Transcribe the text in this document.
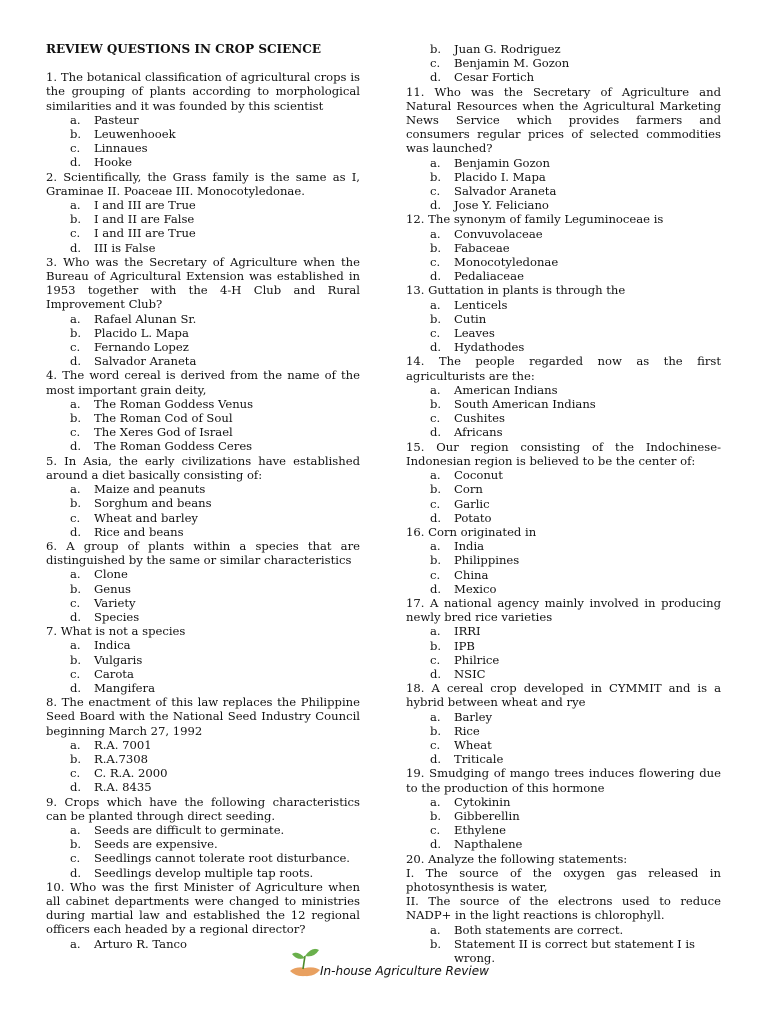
REVIEW QUESTIONS IN CROP SCIENCE
1. The botanical classification of agricultural crops is the grouping of plants according to morphological similarities and it was founded by this scientist
a.	Pasteur
b.	Leuwenhooek
c.	Linnaues
d.	Hooke
2. Scientifically, the Grass family is the same as I, Graminae II. Poaceae III. Monocotyledonae.
a.	I and III are True
b.	I and II are False
c.	I and III are True
d.	III is False
3. Who was the Secretary of Agriculture when the Bureau of Agricultural Extension was established in 1953 together with the 4-H Club and Rural Improvement Club?
a.	Rafael Alunan Sr.
b.	Placido L. Mapa
c.	Fernando Lopez
d.	Salvador Araneta
4. The word cereal is derived from the name of the most important grain deity,
a.	The Roman Goddess Venus
b.	The Roman Cod of Soul
c.	The Xeres God of Israel
d.	The Roman Goddess Ceres
5. In Asia, the early civilizations have established around a diet basically consisting of:
a.	Maize and peanuts
b.	Sorghum and beans
c.	Wheat and barley
d.	Rice and beans
6. A group of plants within a species that are distinguished by the same or similar characteristics
a.	Clone
b.	Genus
c.	Variety
d.	Species
7. What is not a species
a.	Indica
b.	Vulgaris
c.	Carota
d.	Mangifera
8. The enactment of this law replaces the Philippine Seed Board with the National Seed Industry Council beginning March 27, 1992
a.	R.A. 7001
b.	R.A.7308
c.	C. R.A. 2000
d.	R.A. 8435
9. Crops which have the following characteristics can be planted through direct seeding.
a.	Seeds are difficult to germinate.
b.	Seeds are expensive.
c.	Seedlings cannot tolerate root disturbance.
d.	Seedlings develop multiple tap roots.
10. Who was the first Minister of Agriculture when all cabinet departments were changed to ministries during martial law and established the 12 regional officers each headed by a regional director?
a.	Arturo R. Tanco
b.	Juan G. Rodriguez
c.	Benjamin M. Gozon
d.	Cesar Fortich
11. Who was the Secretary of Agriculture and Natural Resources when the Agricultural Marketing News Service which provides farmers and consumers regular prices of selected commodities was launched?
a.	Benjamin Gozon
b.	Placido I. Mapa
c.	Salvador Araneta
d.	Jose Y. Feliciano
12. The synonym of family Leguminoceae is
a.	Convuvolaceae
b.	Fabaceae
c.	Monocotyledonae
d.	Pedaliaceae
13. Guttation in plants is through the
a.	Lenticels
b.	Cutin
c.	Leaves
d.	Hydathodes
14. The people regarded now as the first agriculturists are the:
a.	American Indians
b.	South American Indians
c.	Cushites
d.	Africans
15. Our region consisting of the Indochinese-Indonesian region is believed to be the center of:
a.	Coconut
b.	Corn
c.	Garlic
d.	Potato
16. Corn originated in
a.	India
b.	Philippines
c.	China
d.	Mexico
17. A national agency mainly involved in producing newly bred rice varieties
a.	IRRI
b.	IPB
c.	Philrice
d.	NSIC
18. A cereal crop developed in CYMMIT and is a hybrid between wheat and rye
a.	Barley
b.	Rice
c.	Wheat
d.	Triticale
19. Smudging of mango trees induces flowering due to the production of this hormone
a.	Cytokinin
b.	Gibberellin
c.	Ethylene
d.	Napthalene
20. Analyze the following statements:
I. The source of the oxygen gas released in photosynthesis is water,
II. The source of the electrons used to reduce NADP+ in the light reactions is chlorophyll.
a.	Both statements are correct.
b.	Statement II is correct but statement I is wrong.
In-house Agriculture Review
